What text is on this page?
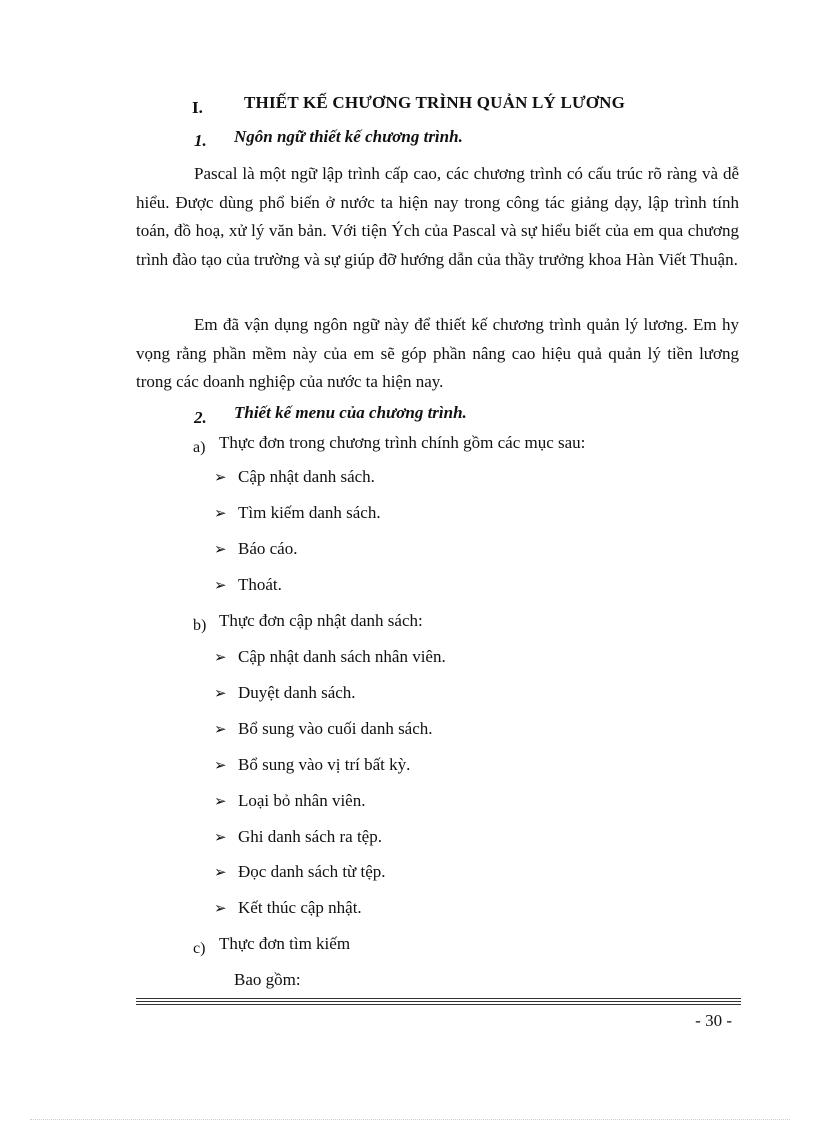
I. THIẾT KẾ CHƯƠNG TRÌNH QUẢN LÝ LƯƠNG
1. Ngôn ngữ thiết kế chương trình.
Pascal là một ngữ lập trình cấp cao, các chương trình có cấu trúc rõ ràng và dễ hiểu. Được dùng phổ biến ở nước ta hiện nay trong công tác giảng dạy, lập trình tính toán, đồ hoạ, xử lý văn bản. Với tiện Ých của Pascal và sự hiểu biết của em qua chương trình đào tạo của trường và sự giúp đỡ hướng dẫn của thầy trưởng khoa Hàn Viết Thuận.
Em đã vận dụng ngôn ngữ này để thiết kế chương trình quản lý lương. Em hy vọng rằng phần mềm này của em sẽ góp phần nâng cao hiệu quả quản lý tiền lương trong các doanh nghiệp của nước ta hiện nay.
2. Thiết kế menu của chương trình.
a) Thực đơn trong chương trình chính gồm các mục sau:
➢ Cập nhật danh sách.
➢ Tìm kiếm danh sách.
➢ Báo cáo.
➢ Thoát.
b) Thực đơn cập nhật danh sách:
➢ Cập nhật danh sách nhân viên.
➢ Duyệt danh sách.
➢ Bổ sung vào cuối danh sách.
➢ Bổ sung vào vị trí bất kỳ.
➢ Loại bỏ nhân viên.
➢ Ghi danh sách ra tệp.
➢ Đọc danh sách từ tệp.
➢ Kết thúc cập nhật.
c) Thực đơn tìm kiếm
Bao gồm:
- 30 -
